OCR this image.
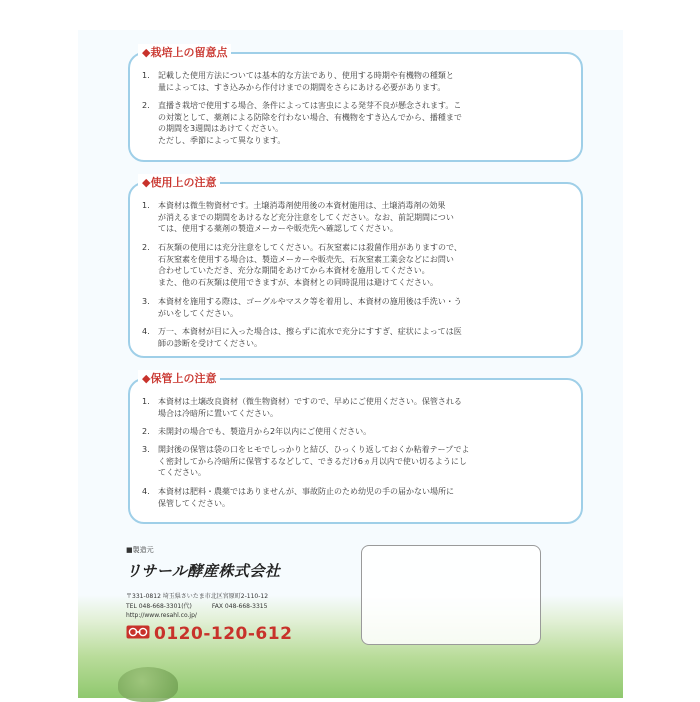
◆栽培上の留意点
1. 記載した使用方法については基本的な方法であり、使用する時期や有機物の種類と
量によっては、すき込みから作付けまでの期間をさらにあける必要があります。
2. 直播き栽培で使用する場合、条件によっては害虫による発芽不良が懸念されます。こ
の対策として、薬剤による防除を行わない場合、有機物をすき込んでから、播種まで
の期間を3週間はあけてください。
ただし、季節によって異なります。
◆使用上の注意
1. 本資材は微生物資材です。土壌消毒剤使用後の本資材施用は、土壌消毒剤の効果
が消えるまでの期間をあけるなど充分注意をしてください。なお、前記期間につい
ては、使用する薬剤の製造メーカーや販売先へ確認してください。
2. 石灰類の使用には充分注意をしてください。石灰窒素には殺菌作用がありますので、
石灰窒素を使用する場合は、製造メーカーや販売先、石灰窒素工業会などにお問い
合わせしていただき、充分な期間をあけてから本資材を施用してください。
また、他の石灰類は使用できますが、本資材との同時混用は避けてください。
3. 本資材を施用する際は、ゴーグルやマスク等を着用し、本資材の施用後は手洗い・う
がいをしてください。
4. 万一、本資材が目に入った場合は、擦らずに流水で充分にすすぎ、症状によっては医
師の診断を受けてください。
◆保管上の注意
1. 本資材は土壌改良資材（微生物資材）ですので、早めにご使用ください。保管される
場合は冷暗所に置いてください。
2. 未開封の場合でも、製造月から2年以内にご使用ください。
3. 開封後の保管は袋の口をヒモでしっかりと結び、ひっくり返しておくか粘着テープでよ
く密封してから冷暗所に保管するなどして、できるだけ6ヵ月以内で使い切るようにし
てください。
4. 本資材は肥料・農薬ではありませんが、事故防止のため幼児の手の届かない場所に
保管してください。
■製造元
リサール酵産株式会社
〒331-0812 埼玉県さいたま市北区宮原町2-110-12
TEL 048-668-3301(代)	FAX 048-668-3315
http://www.resahl.co.jp/
0120-120-612
